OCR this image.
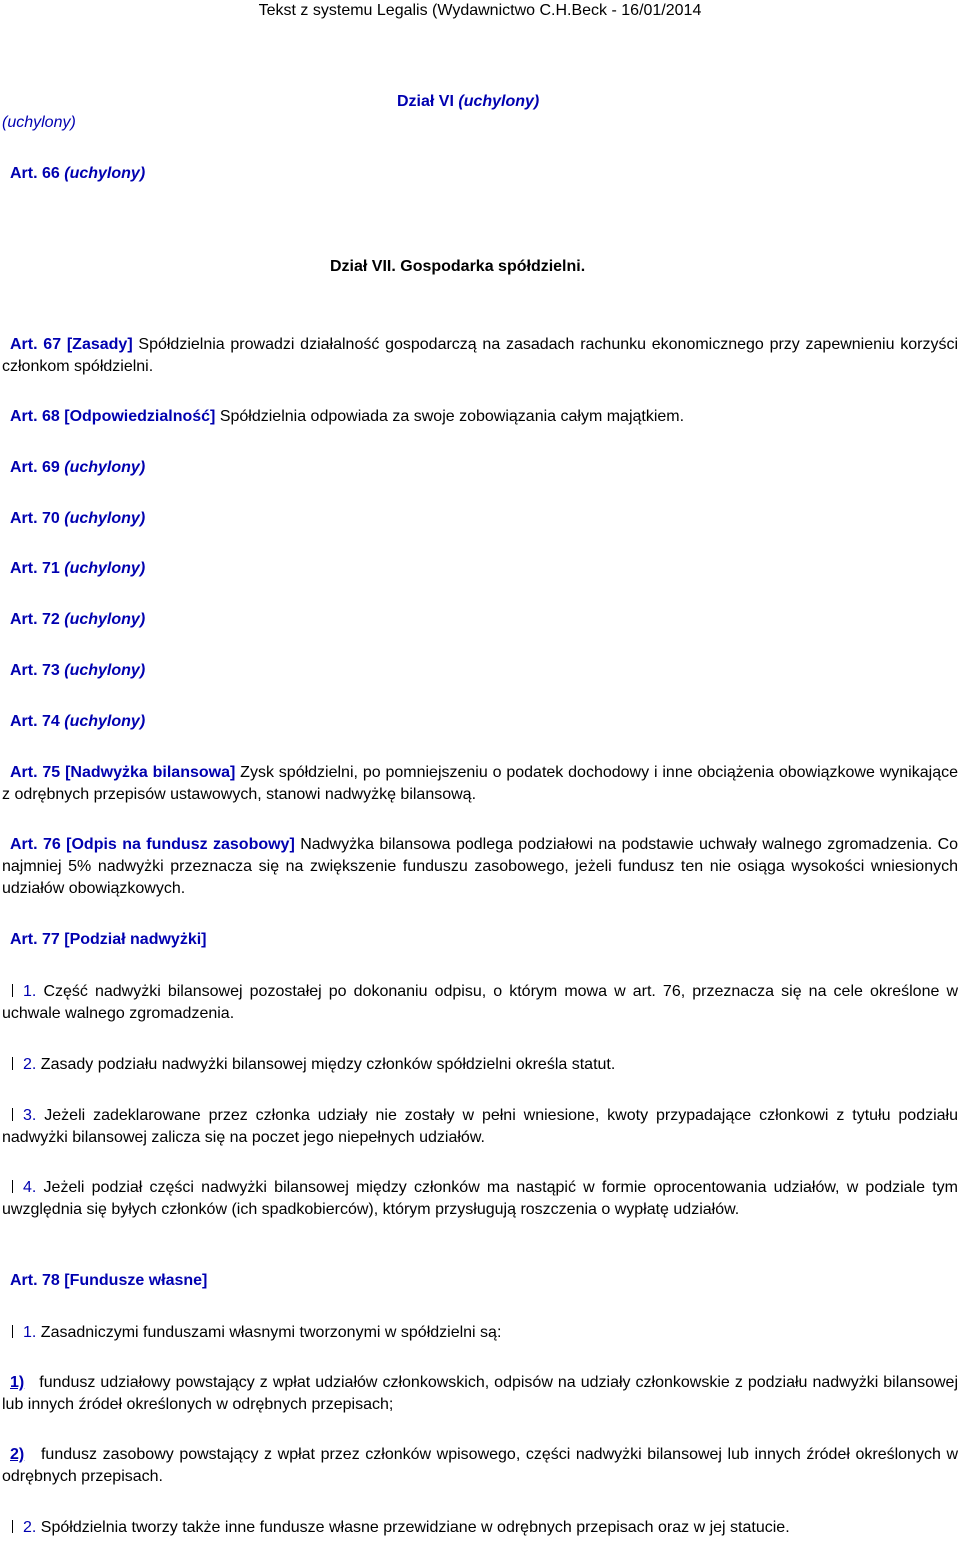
Tekst z systemu Legalis (Wydawnictwo C.H.Beck - 16/01/2014
(uchylony)
Dział VI (uchylony)
Art. 66 (uchylony)
Dział VII. Gospodarka spółdzielni.
Art. 67 [Zasady] Spółdzielnia prowadzi działalność gospodarczą na zasadach rachunku ekonomicznego przy zapewnieniu korzyści członkom spółdzielni.
Art. 68 [Odpowiedzialność] Spółdzielnia odpowiada za swoje zobowiązania całym majątkiem.
Art. 69 (uchylony)
Art. 70 (uchylony)
Art. 71 (uchylony)
Art. 72 (uchylony)
Art. 73 (uchylony)
Art. 74 (uchylony)
Art. 75 [Nadwyżka bilansowa] Zysk spółdzielni, po pomniejszeniu o podatek dochodowy i inne obciążenia obowiązkowe wynikające z odrębnych przepisów ustawowych, stanowi nadwyżkę bilansową.
Art. 76 [Odpis na fundusz zasobowy] Nadwyżka bilansowa podlega podziałowi na podstawie uchwały walnego zgromadzenia. Co najmniej 5% nadwyżki przeznacza się na zwiększenie funduszu zasobowego, jeżeli fundusz ten nie osiąga wysokości wniesionych udziałów obowiązkowych.
Art. 77 [Podział nadwyżki]
1. Część nadwyżki bilansowej pozostałej po dokonaniu odpisu, o którym mowa w art. 76, przeznacza się na cele określone w uchwale walnego zgromadzenia.
2. Zasady podziału nadwyżki bilansowej między członków spółdzielni określa statut.
3. Jeżeli zadeklarowane przez członka udziały nie zostały w pełni wniesione, kwoty przypadające członkowi z tytułu podziału nadwyżki bilansowej zalicza się na poczet jego niepełnych udziałów.
4. Jeżeli podział części nadwyżki bilansowej między członków ma nastąpić w formie oprocentowania udziałów, w podziale tym uwzględnia się byłych członków (ich spadkobierców), którym przysługują roszczenia o wypłatę udziałów.
Art. 78 [Fundusze własne]
1. Zasadniczymi funduszami własnymi tworzonymi w spółdzielni są:
1) fundusz udziałowy powstający z wpłat udziałów członkowskich, odpisów na udziały członkowskie z podziału nadwyżki bilansowej lub innych źródeł określonych w odrębnych przepisach;
2) fundusz zasobowy powstający z wpłat przez członków wpisowego, części nadwyżki bilansowej lub innych źródeł określonych w odrębnych przepisach.
2. Spółdzielnia tworzy także inne fundusze własne przewidziane w odrębnych przepisach oraz w jej statucie.
